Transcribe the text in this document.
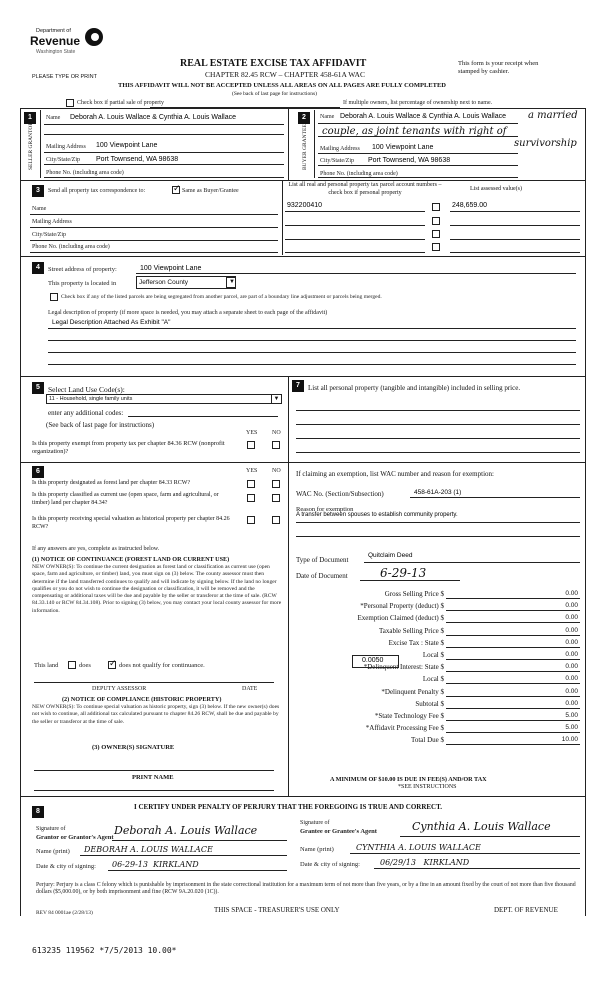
Department of
Revenue
Washington State
PLEASE TYPE OR PRINT
REAL ESTATE EXCISE TAX AFFIDAVIT
CHAPTER 82.45 RCW – CHAPTER 458-61A WAC
This form is your receipt when stamped by cashier.
THIS AFFIDAVIT WILL NOT BE ACCEPTED UNLESS ALL AREAS ON ALL PAGES ARE FULLY COMPLETED
(See back of last page for instructions)
Check box if partial sale of property	If multiple owners, list percentage of ownership next to name.
1
SELLER GRANTOR
Name Deborah A. Louis Wallace & Cynthia A. Louis Wallace
Mailing Address 100 Viewpoint Lane
City/State/Zip Port Townsend, WA 98638
Phone No. (including area code)
2
BUYER GRANTEE
Name Deborah A. Louis Wallace & Cynthia A. Louis Wallace a married
couple, as joint tenants with right of
survivorship
Mailing Address 100 Viewpoint Lane
City/State/Zip Port Townsend, WA 98638
Phone No. (including area code)
3	Send all property tax correspondence to: ✓	Same as Buyer/Grantee
Name
Mailing Address
City/State/Zip
Phone No. (including area code)
List all real and personal property tax parcel account numbers – check box if personal property
List assessed value(s)
932200410	248,659.00
4	Street address of property:	100 Viewpoint Lane
This property is located in	Jefferson County	▼
Check box if any of the listed parcels are being segregated from another parcel, are part of a boundary line adjustment or parcels being merged.
Legal description of property (if more space is needed, you may attach a separate sheet to each page of the affidavit)
Legal Description Attached As Exhibit "A"
5	Select Land Use Code(s):
11 - Household, single family units	▼
enter any additional codes:
(See back of last page for instructions)
YES NO
Is this property exempt from property tax per chapter 84.36 RCW (nonprofit organization)?
7	List all personal property (tangible and intangible) included in selling price.
6	YES NO
Is this property designated as forest land per chapter 84.33 RCW?
Is this property classified as current use (open space, farm and agricultural, or timber) land per chapter 84.34?
Is this property receiving special valuation as historical property per chapter 84.26 RCW?
If any answers are yes, complete as instructed below.
(1) NOTICE OF CONTINUANCE (FOREST LAND OR CURRENT USE)
NEW OWNER(S): To continue the current designation as forest land or classification as current use (open space, farm and agriculture, or timber) land, you must sign on (3) below. The county assessor must then determine if the land transferred continues to qualify and will indicate by signing below. If the land no longer qualifies or you do not wish to continue the designation or classification, it will be removed and the compensating or additional taxes will be due and payable by the seller or transferor at the time of sale. (RCW 84.33.140 or RCW 84.34.108). Prior to signing (3) below, you may contact your local county assessor for more information.
This land	does ✓	does not qualify for continuance.
DEPUTY ASSESSOR	DATE
(2) NOTICE OF COMPLIANCE (HISTORIC PROPERTY)
NEW OWNER(S): To continue special valuation as historic property, sign (3) below. If the new owner(s) does not wish to continue, all additional tax calculated pursuant to chapter 84.26 RCW, shall be due and payable by the seller or transferor at the time of sale.
(3) OWNER(S) SIGNATURE
PRINT NAME
If claiming an exemption, list WAC number and reason for exemption:
WAC No. (Section/Subsection)	458-61A-203 (1)
Reason for exemption
A transfer between spouses to establish community property.
Type of Document
Quitclaim Deed
Date of Document	6-29-13
Gross Selling Price $	0.00
*Personal Property (deduct) $	0.00
Exemption Claimed (deduct) $	0.00
Taxable Selling Price $	0.00
Excise Tax : State $	0.00
Local $	0.00
*Delinquent Interest: State $	0.00
Local $	0.00
*Delinquent Penalty $	0.00
Subtotal $	0.00
*State Technology Fee $	5.00
*Affidavit Processing Fee $	5.00
Total Due $	10.00
0.0050
A MINIMUM OF $10.00 IS DUE IN FEE(S) AND/OR TAX
*SEE INSTRUCTIONS
8
I CERTIFY UNDER PENALTY OF PERJURY THAT THE FOREGOING IS TRUE AND CORRECT.
Signature of
Grantor or Grantor's Agent
Deborah A. Louis Wallace
Name (print) DEBORAH A. LOUIS WALLACE
Date & city of signing: 06-29-13  KIRKLAND
Signature of
Grantee or Grantee's Agent	Cynthia A. Louis Wallace
Name (print)	CYNTHIA A. LOUIS WALLACE
Date & city of signing:	06/29/13   KIRKLAND
Perjury: Perjury is a class C felony which is punishable by imprisonment in the state correctional institution for a maximum term of not more than five years, or by a fine in an amount fixed by the court of not more than five thousand dollars ($5,000.00), or by both imprisonment and fine (RCW 9A.20.020 (1C)).
REV 84 0001ae (2/28/13)	THIS SPACE - TREASURER'S USE ONLY	DEPT. OF REVENUE
613235 119562 *7/5/2013 10.00*
